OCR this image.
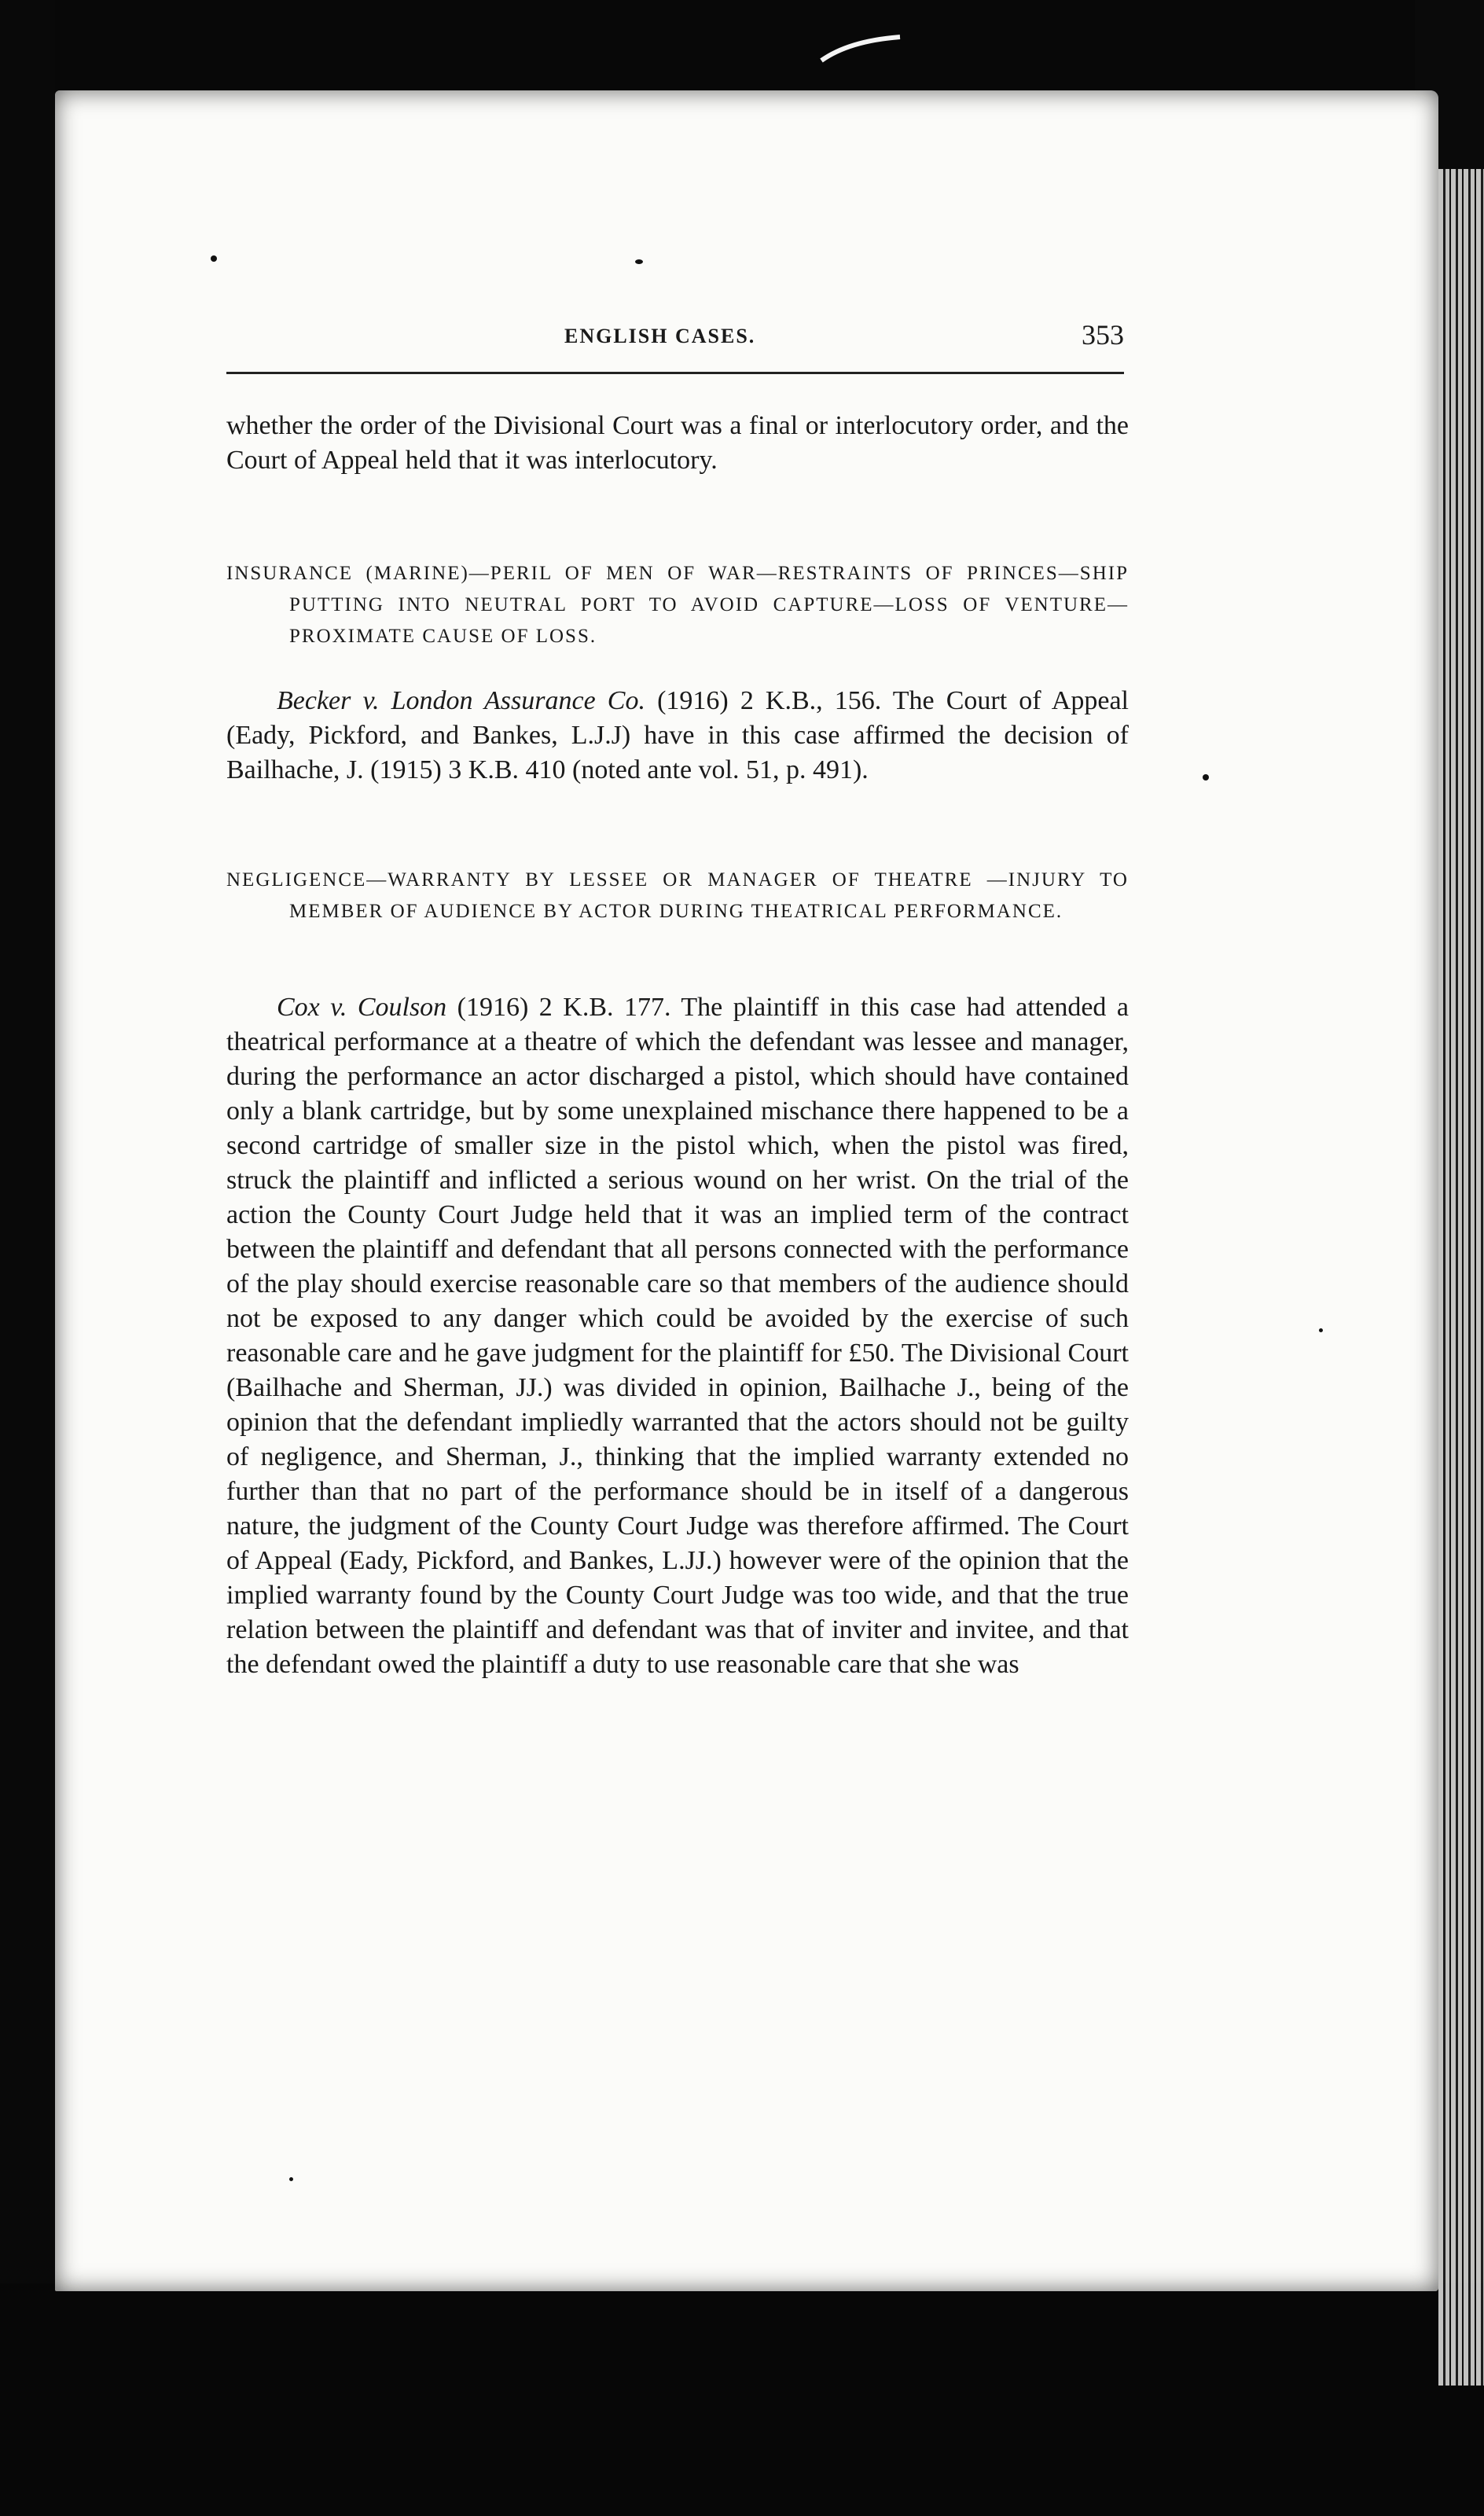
ENGLISH CASES.	353
whether the order of the Divisional Court was a final or interlocutory order, and the Court of Appeal held that it was interlocutory.
INSURANCE (MARINE)—PERIL OF MEN OF WAR—RESTRAINTS OF PRINCES—SHIP PUTTING INTO NEUTRAL PORT TO AVOID CAPTURE—LOSS OF VENTURE—PROXIMATE CAUSE OF LOSS.
Becker v. London Assurance Co. (1916) 2 K.B., 156. The Court of Appeal (Eady, Pickford, and Bankes, L.J.J) have in this case affirmed the decision of Bailhache, J. (1915) 3 K.B. 410 (noted ante vol. 51, p. 491).
NEGLIGENCE—WARRANTY BY LESSEE OR MANAGER OF THEATRE —INJURY TO MEMBER OF AUDIENCE BY ACTOR DURING THEATRICAL PERFORMANCE.
Cox v. Coulson (1916) 2 K.B. 177. The plaintiff in this case had attended a theatrical performance at a theatre of which the defendant was lessee and manager, during the performance an actor discharged a pistol, which should have contained only a blank cartridge, but by some unexplained mischance there happened to be a second cartridge of smaller size in the pistol which, when the pistol was fired, struck the plaintiff and inflicted a serious wound on her wrist. On the trial of the action the County Court Judge held that it was an implied term of the contract between the plaintiff and defendant that all persons connected with the performance of the play should exercise reasonable care so that members of the audience should not be exposed to any danger which could be avoided by the exercise of such reasonable care and he gave judgment for the plaintiff for £50. The Divisional Court (Bailhache and Sherman, JJ.) was divided in opinion, Bailhache J., being of the opinion that the defendant impliedly warranted that the actors should not be guilty of negligence, and Sherman, J., thinking that the implied warranty extended no further than that no part of the performance should be in itself of a dangerous nature, the judgment of the County Court Judge was therefore affirmed. The Court of Appeal (Eady, Pickford, and Bankes, L.JJ.) however were of the opinion that the implied warranty found by the County Court Judge was too wide, and that the true relation between the plaintiff and defendant was that of inviter and invitee, and that the defendant owed the plaintiff a duty to use reasonable care that she was
